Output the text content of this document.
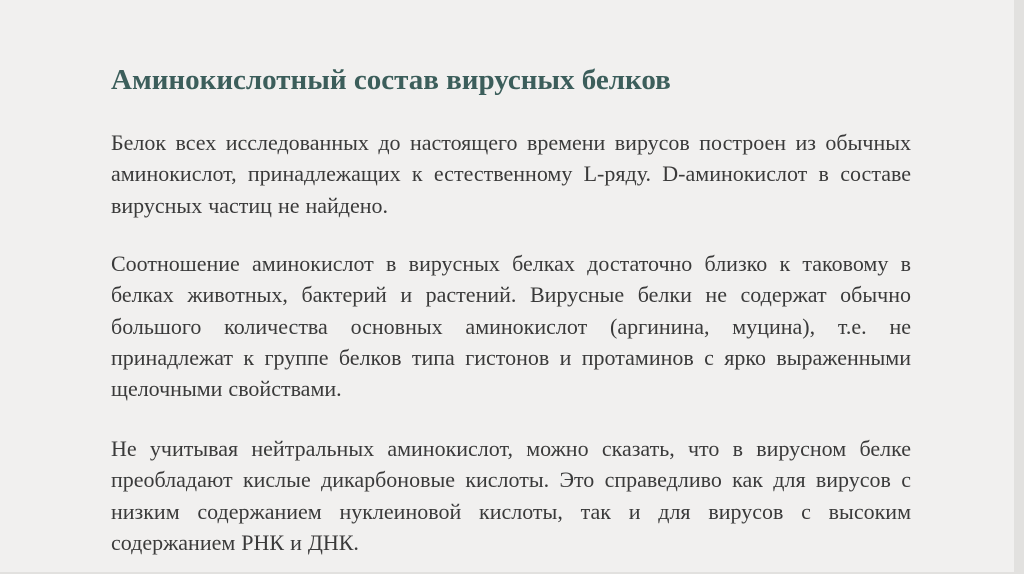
Аминокислотный состав вирусных белков

Белок всех исследованных до настоящего времени вирусов построен из обычных аминокислот, принадлежащих к естественному L-ряду. D-аминокислот в составе вирусных частиц не найдено.

Соотношение аминокислот в вирусных белках достаточно близко к таковому в белках животных, бактерий и растений. Вирусные белки не содержат обычно большого количества основных аминокислот (аргинина, муцина), т.е. не принадлежат к группе белков типа гистонов и протаминов с ярко выраженными щелочными свойствами.

Не учитывая нейтральных аминокислот, можно сказать, что в вирусном белке преобладают кислые дикарбоновые кислоты. Это справедливо как для вирусов с низким содержанием нуклеиновой кислоты, так и для вирусов с высоким содержанием РНК и ДНК.
